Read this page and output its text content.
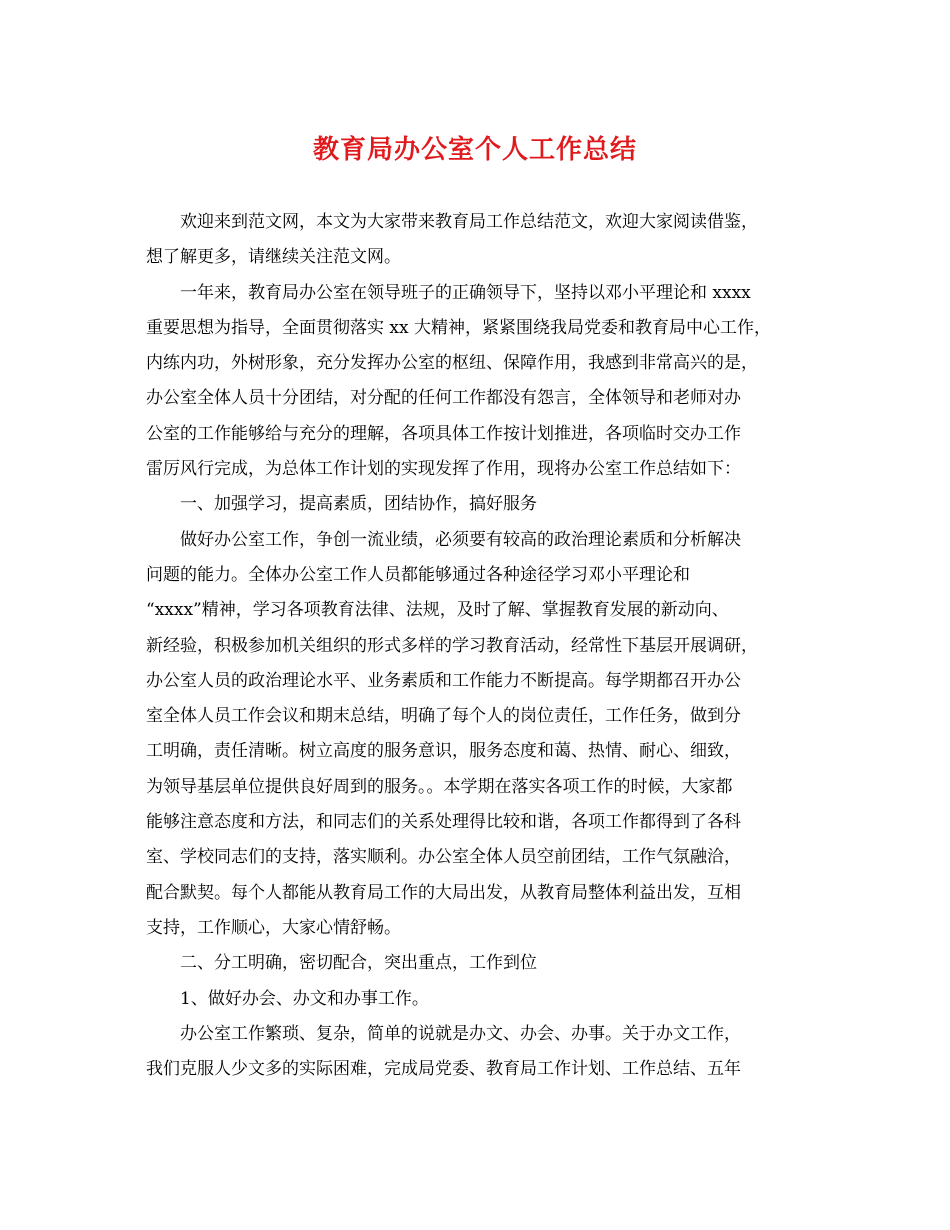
教育局办公室个人工作总结
欢迎来到范文网，本文为大家带来教育局工作总结范文，欢迎大家阅读借鉴，
想了解更多，请继续关注范文网。
一年来，教育局办公室在领导班子的正确领导下，坚持以邓小平理论和 xxxx
重要思想为指导，全面贯彻落实 xx 大精神，紧紧围绕我局党委和教育局中心工作，
内练内功，外树形象，充分发挥办公室的枢纽、保障作用，我感到非常高兴的是，
办公室全体人员十分团结，对分配的任何工作都没有怨言，全体领导和老师对办
公室的工作能够给与充分的理解，各项具体工作按计划推进，各项临时交办工作
雷厉风行完成，为总体工作计划的实现发挥了作用，现将办公室工作总结如下：
一、加强学习，提高素质，团结协作，搞好服务
做好办公室工作，争创一流业绩，必须要有较高的政治理论素质和分析解决
问题的能力。全体办公室工作人员都能够通过各种途径学习邓小平理论和
“xxxx”精神，学习各项教育法律、法规，及时了解、掌握教育发展的新动向、
新经验，积极参加机关组织的形式多样的学习教育活动，经常性下基层开展调研，
办公室人员的政治理论水平、业务素质和工作能力不断提高。每学期都召开办公
室全体人员工作会议和期末总结，明确了每个人的岗位责任，工作任务，做到分
工明确，责任清晰。树立高度的服务意识，服务态度和蔼、热情、耐心、细致，
为领导基层单位提供良好周到的服务。。本学期在落实各项工作的时候，大家都
能够注意态度和方法，和同志们的关系处理得比较和谐，各项工作都得到了各科
室、学校同志们的支持，落实顺利。办公室全体人员空前团结，工作气氛融洽，
配合默契。每个人都能从教育局工作的大局出发，从教育局整体利益出发，互相
支持，工作顺心，大家心情舒畅。
二、分工明确，密切配合，突出重点，工作到位
1、做好办会、办文和办事工作。
办公室工作繁琐、复杂，简单的说就是办文、办会、办事。关于办文工作，
我们克服人少文多的实际困难，完成局党委、教育局工作计划、工作总结、五年
